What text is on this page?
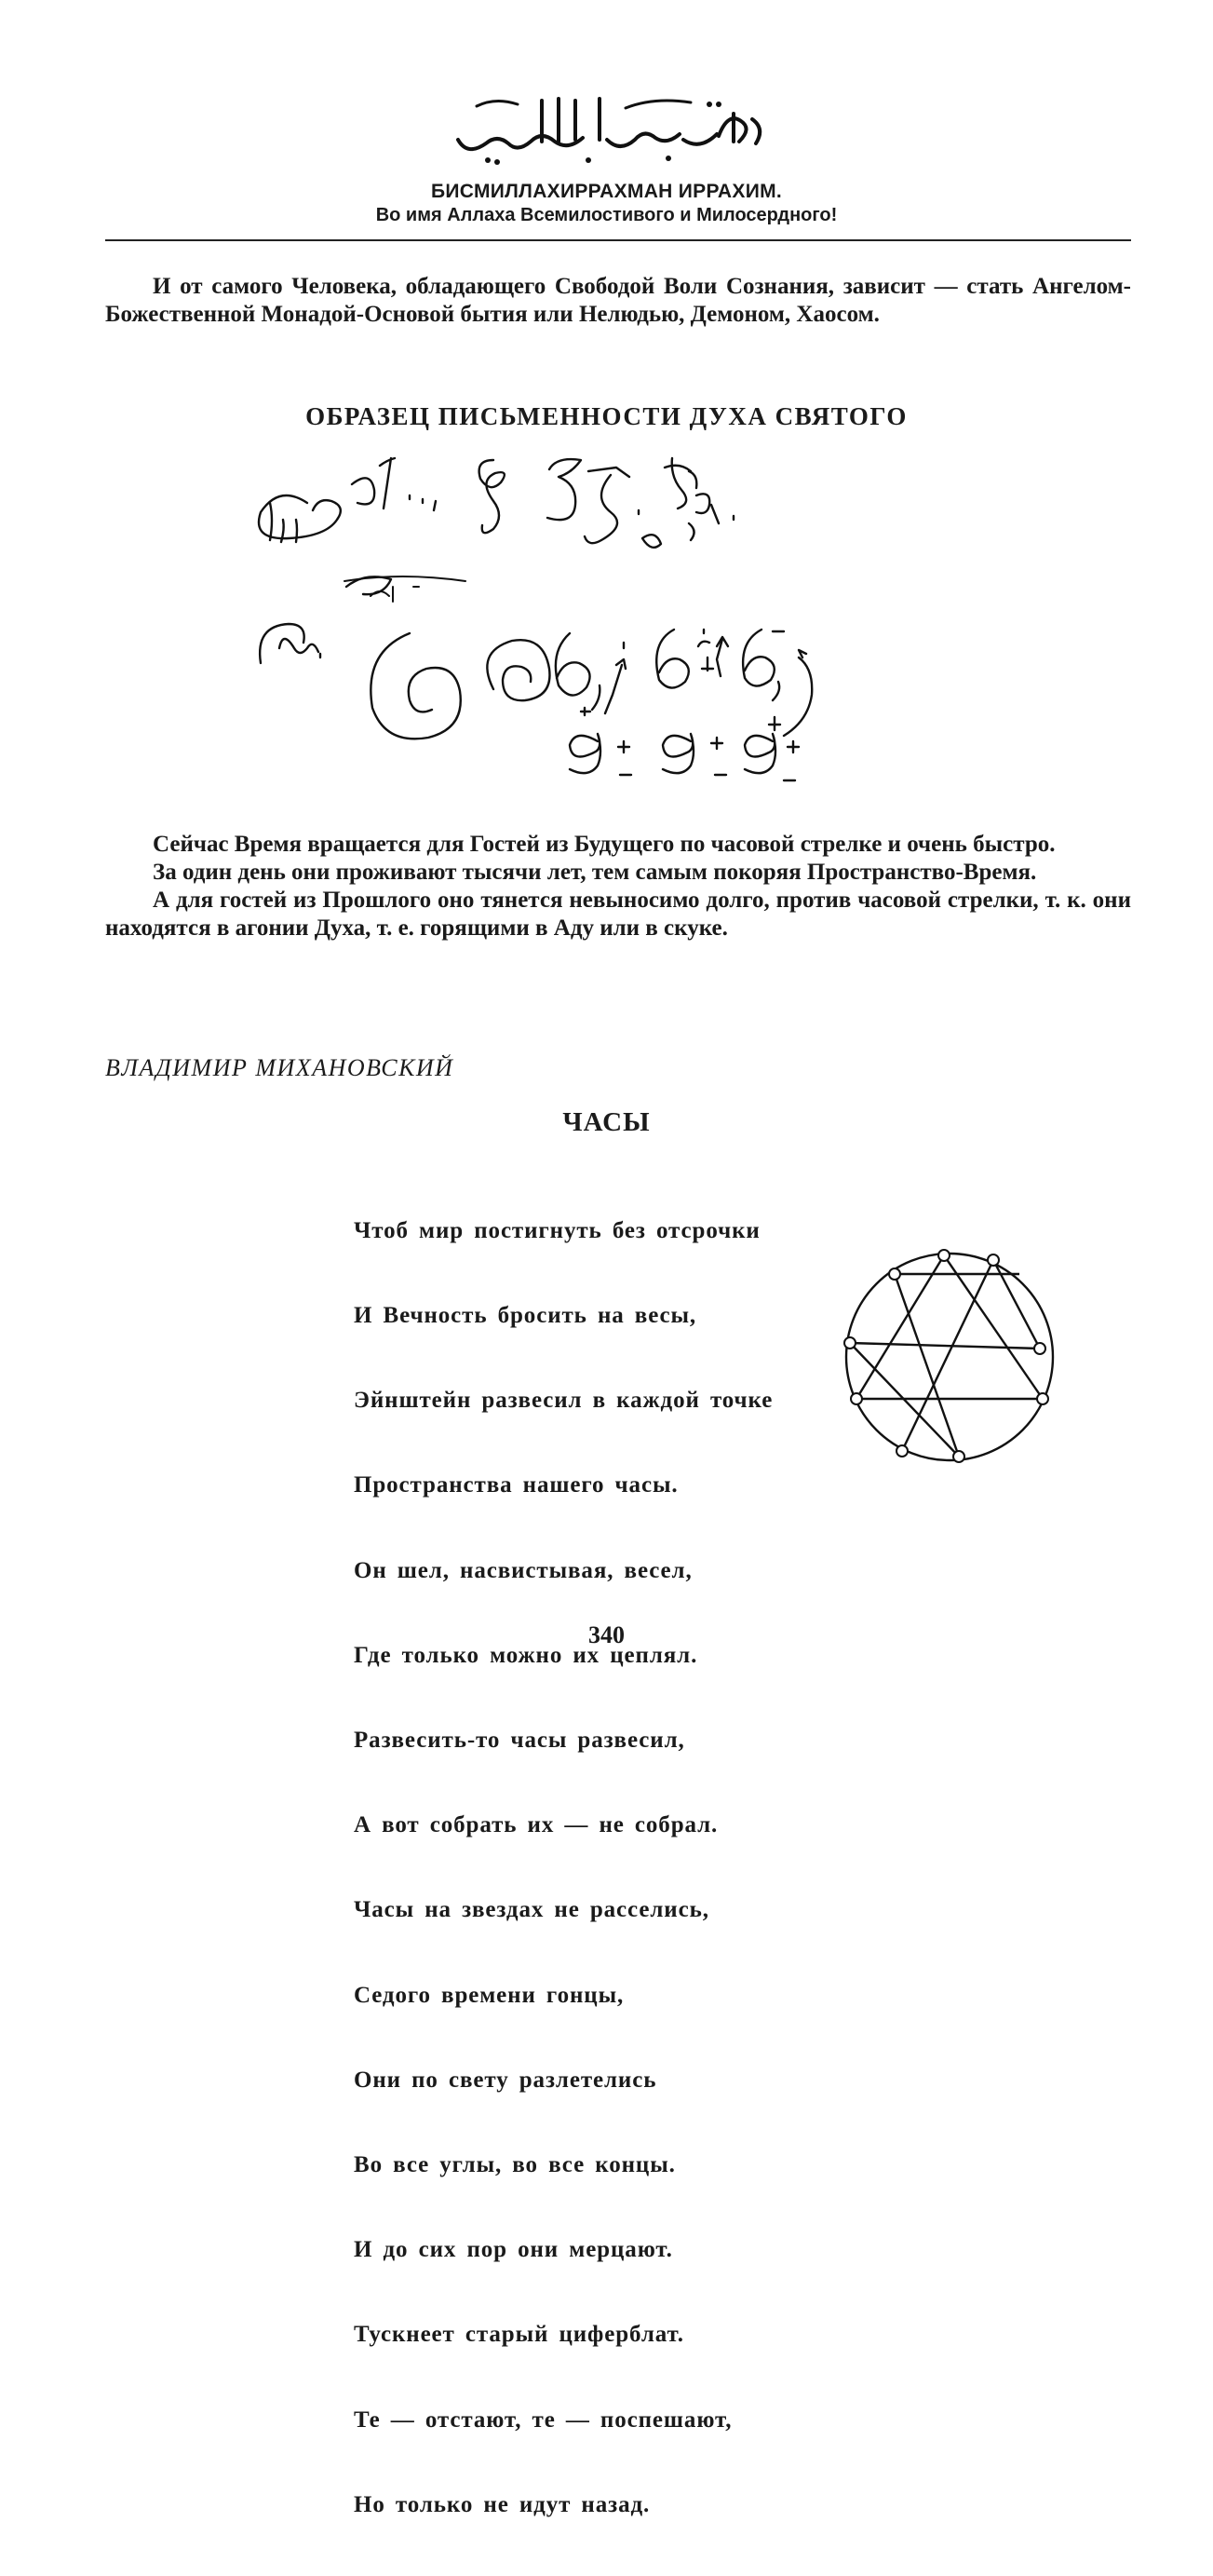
БИСМИЛЛАХИРРАХМАН ИРРАХИМ.
Во имя Аллаха Всемилостивого и Милосердного!

И от самого Человека, обладающего Свободой Воли Сознания, зависит — стать Ангелом-Божественной Монадой-Основой бытия или Нелюдью, Демоном, Хаосом.

ОБРАЗЕЦ ПИСЬМЕННОСТИ ДУХА СВЯТОГО

Сейчас Время вращается для Гостей из Будущего по часовой стрелке и очень быстро.

За один день они проживают тысячи лет, тем самым покоряя Пространство-Время.

А для гостей из Прошлого оно тянется невыносимо долго, против часовой стрелки, т. к. они находятся в агонии Духа, т. е. горящими в Аду или в скуке.

ВЛАДИМИР МИХАНОВСКИЙ
ЧАСЫ

Чтоб мир постигнуть без отсрочки

И Вечность бросить на весы,

Эйнштейн развесил в каждой точке

Пространства нашего часы.

Он шел, насвистывая, весел,

Где только можно их цеплял.

Развесить-то часы развесил,

А вот собрать их — не собрал.

Часы на звездах не расселись,

Седого времени гонцы,

Они по свету разлетелись

Во все углы, во все концы.

И до сих пор они мерцают.

Тускнеет старый циферблат.

Те — отстают, те — поспешают,

Но только не идут назад.

340
